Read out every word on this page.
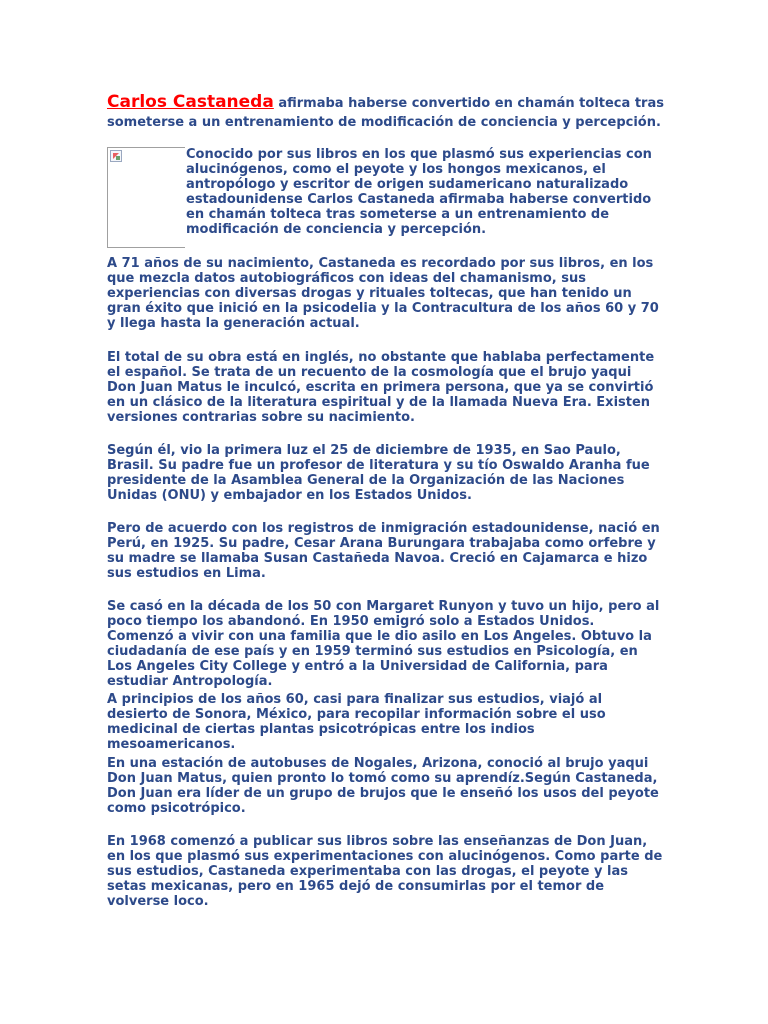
Carlos Castaneda afirmaba haberse convertido en chamán tolteca tras someterse a un entrenamiento de modificación de conciencia y percepción.
Conocido por sus libros en los que plasmó sus experiencias con alucinógenos, como el peyote y los hongos mexicanos, el antropólogo y escritor de origen sudamericano naturalizado estadounidense Carlos Castaneda afirmaba haberse convertido en chamán tolteca tras someterse a un entrenamiento de modificación de conciencia y percepción.

A 71 años de su nacimiento, Castaneda es recordado por sus libros, en los que mezcla datos autobiográficos con ideas del chamanismo, sus experiencias con diversas drogas y rituales toltecas, que han tenido un gran éxito que inició en la psicodelia y la Contracultura de los años 60 y 70 y llega hasta la generación actual.

El total de su obra está en inglés, no obstante que hablaba perfectamente el español. Se trata de un recuento de la cosmología que el brujo yaqui Don Juan Matus le inculcó, escrita en primera persona, que ya se convirtió en un clásico de la literatura espiritual y de la llamada Nueva Era. Existen versiones contrarias sobre su nacimiento.

Según él, vio la primera luz el 25 de diciembre de 1935, en Sao Paulo, Brasil. Su padre fue un profesor de literatura y su tío Oswaldo Aranha fue presidente de la Asamblea General de la Organización de las Naciones Unidas (ONU) y embajador en los Estados Unidos.

Pero de acuerdo con los registros de inmigración estadounidense, nació en Perú, en 1925. Su padre, Cesar Arana Burungara trabajaba como orfebre y su madre se llamaba Susan Castañeda Navoa. Creció en Cajamarca e hizo sus estudios en Lima.

Se casó en la década de los 50 con Margaret Runyon y tuvo un hijo, pero al poco tiempo los abandonó. En 1950 emigró solo a Estados Unidos. Comenzó a vivir con una familia que le dio asilo en Los Angeles. Obtuvo la ciudadanía de ese país y en 1959 terminó sus estudios en Psicología, en Los Angeles City College y entró a la Universidad de California, para estudiar Antropología.

A principios de los años 60, casi para finalizar sus estudios, viajó al desierto de Sonora, México, para recopilar información sobre el uso medicinal de ciertas plantas psicotrópicas entre los indios mesoamericanos.

En una estación de autobuses de Nogales, Arizona, conoció al brujo yaqui Don Juan Matus, quien pronto lo tomó como su aprendíz.Según Castaneda, Don Juan era líder de un grupo de brujos que le enseñó los usos del peyote como psicotrópico.

En 1968 comenzó a publicar sus libros sobre las enseñanzas de Don Juan, en los que plasmó sus experimentaciones con alucinógenos. Como parte de sus estudios, Castaneda experimentaba con las drogas, el peyote y las setas mexicanas, pero en 1965 dejó de consumirlas por el temor de volverse loco.
